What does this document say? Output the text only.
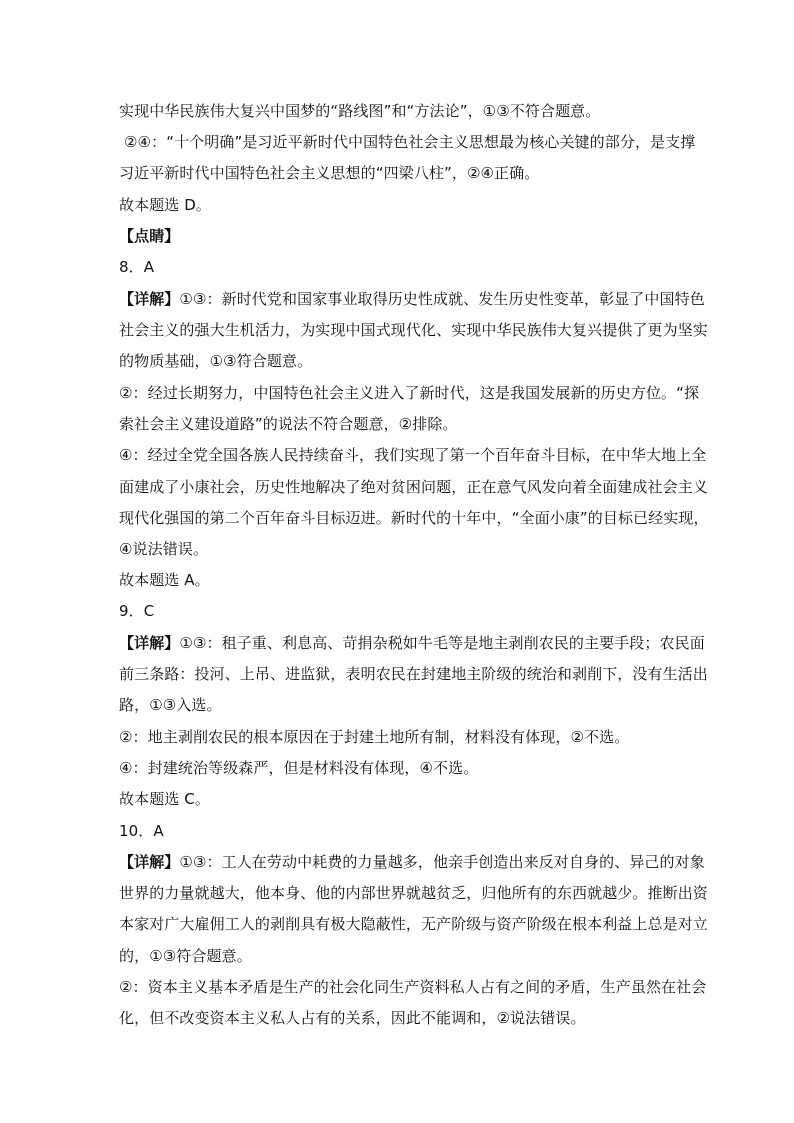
实现中华民族伟大复兴中国梦的“路线图”和“方法论”，①③不符合题意。
②④：“十个明确”是习近平新时代中国特色社会主义思想最为核心关键的部分，是支撑
习近平新时代中国特色社会主义思想的“四梁八柱”，②④正确。
故本题选 D。
【点睛】
8．A
【详解】①③：新时代党和国家事业取得历史性成就、发生历史性变革，彰显了中国特色
社会主义的强大生机活力，为实现中国式现代化、实现中华民族伟大复兴提供了更为坚实
的物质基础，①③符合题意。
②：经过长期努力，中国特色社会主义进入了新时代，这是我国发展新的历史方位。“探
索社会主义建设道路”的说法不符合题意，②排除。
④：经过全党全国各族人民持续奋斗，我们实现了第一个百年奋斗目标，在中华大地上全
面建成了小康社会，历史性地解决了绝对贫困问题，正在意气风发向着全面建成社会主义
现代化强国的第二个百年奋斗目标迈进。新时代的十年中，“全面小康”的目标已经实现，
④说法错误。
故本题选 A。
9．C
【详解】①③：租子重、利息高、苛捐杂税如牛毛等是地主剥削农民的主要手段；农民面
前三条路：投河、上吊、进监狱，表明农民在封建地主阶级的统治和剥削下，没有生活出
路，①③入选。
②：地主剥削农民的根本原因在于封建土地所有制，材料没有体现，②不选。
④：封建统治等级森严，但是材料没有体现，④不选。
故本题选 C。
10．A
【详解】①③：工人在劳动中耗费的力量越多，他亲手创造出来反对自身的、异己的对象
世界的力量就越大，他本身、他的内部世界就越贫乏，归他所有的东西就越少。推断出资
本家对广大雇佣工人的剥削具有极大隐蔽性，无产阶级与资产阶级在根本利益上总是对立
的，①③符合题意。
②：资本主义基本矛盾是生产的社会化同生产资料私人占有之间的矛盾，生产虽然在社会
化，但不改变资本主义私人占有的关系，因此不能调和，②说法错误。
